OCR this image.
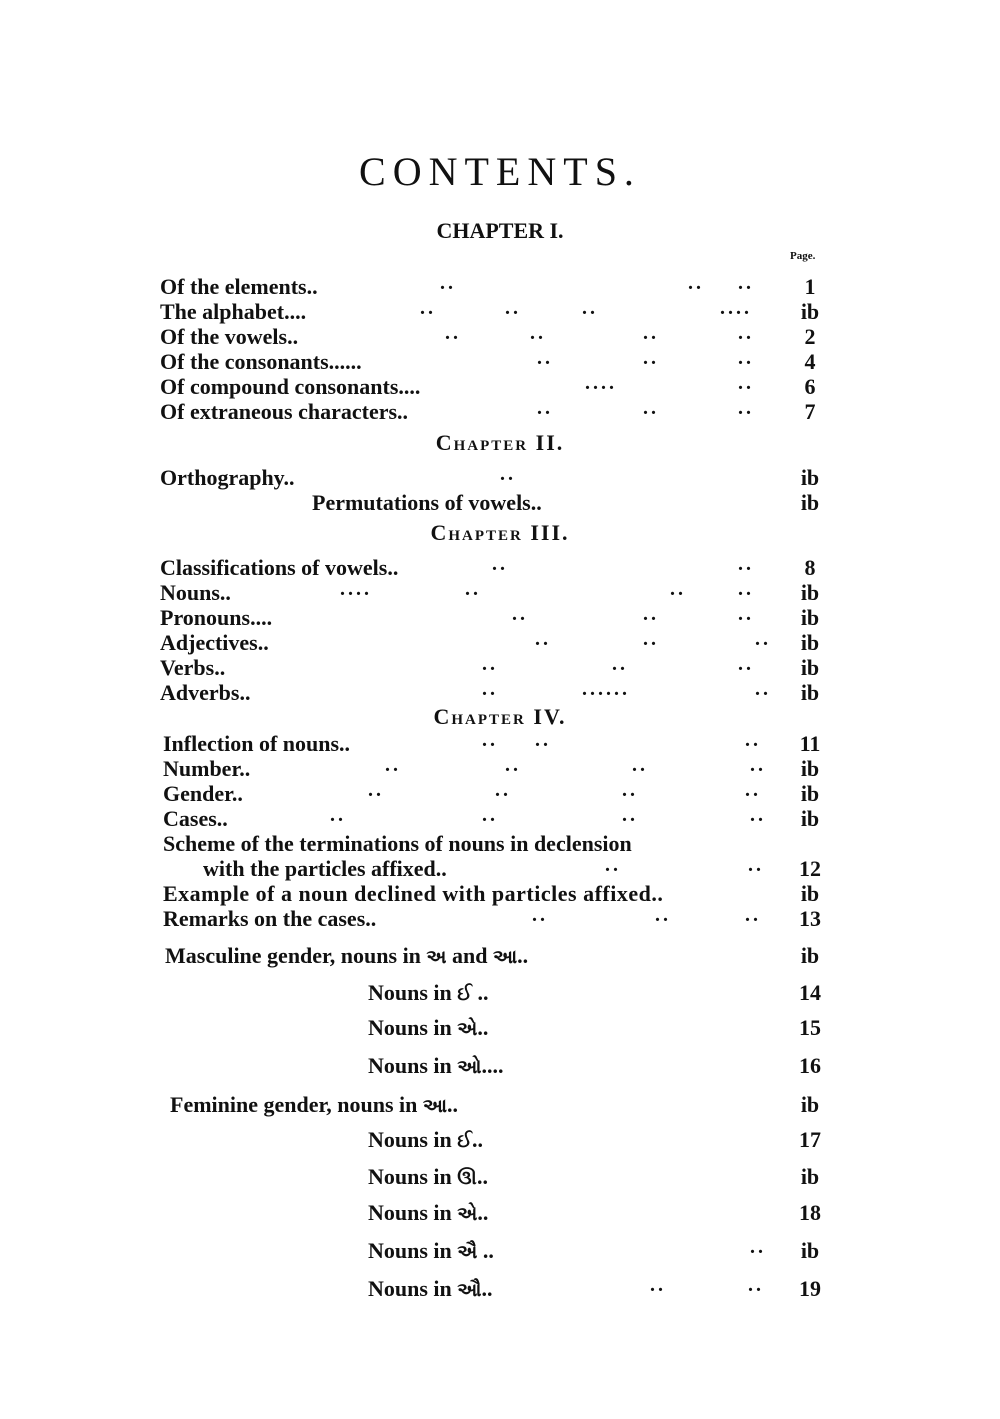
CONTENTS.
CHAPTER I.
Page.
Of the elements..	..	.. ..	1
The alphabet....	..	..	..	....	ib
Of the vowels..	..	..	..	..	2
Of the consonants......	..	..	..	4
Of compound consonants....	....	..	6
Of extraneous characters..	..	..	..	7
Chapter II.
Orthography..	..	ib
Permutations of vowels..	ib
Chapter III.
Classifications of vowels..	..	..	8
Nouns..	....	..	..	..	ib
Pronouns....	..	..	..	ib
Adjectives..	..	..	..	ib
Verbs..	..	..	..	ib
Adverbs..	..	......	..	ib
Chapter IV.
Inflection of nouns..	.. ..	..	11
Number..	..	..	..	..	ib
Gender..	..	..	..	..	ib
Cases..	..	..	..	..	ib
Scheme of the terminations of nouns in declension
with the particles affixed..	..	..	12
Example of a noun declined with particles affixed..	ib
Remarks on the cases..	..	..	..	13
Masculine gender, nouns in અ and આ..	ib
Nouns in ઈ ..	14
Nouns in એ..	15
Nouns in ઓ....	16
Feminine gender, nouns in આ..	ib
Nouns in ઈ..	17
Nouns in ઊ..	ib
Nouns in એ..	18
Nouns in ઐ ..	..	ib
Nouns in ઔ..	..	..	19
